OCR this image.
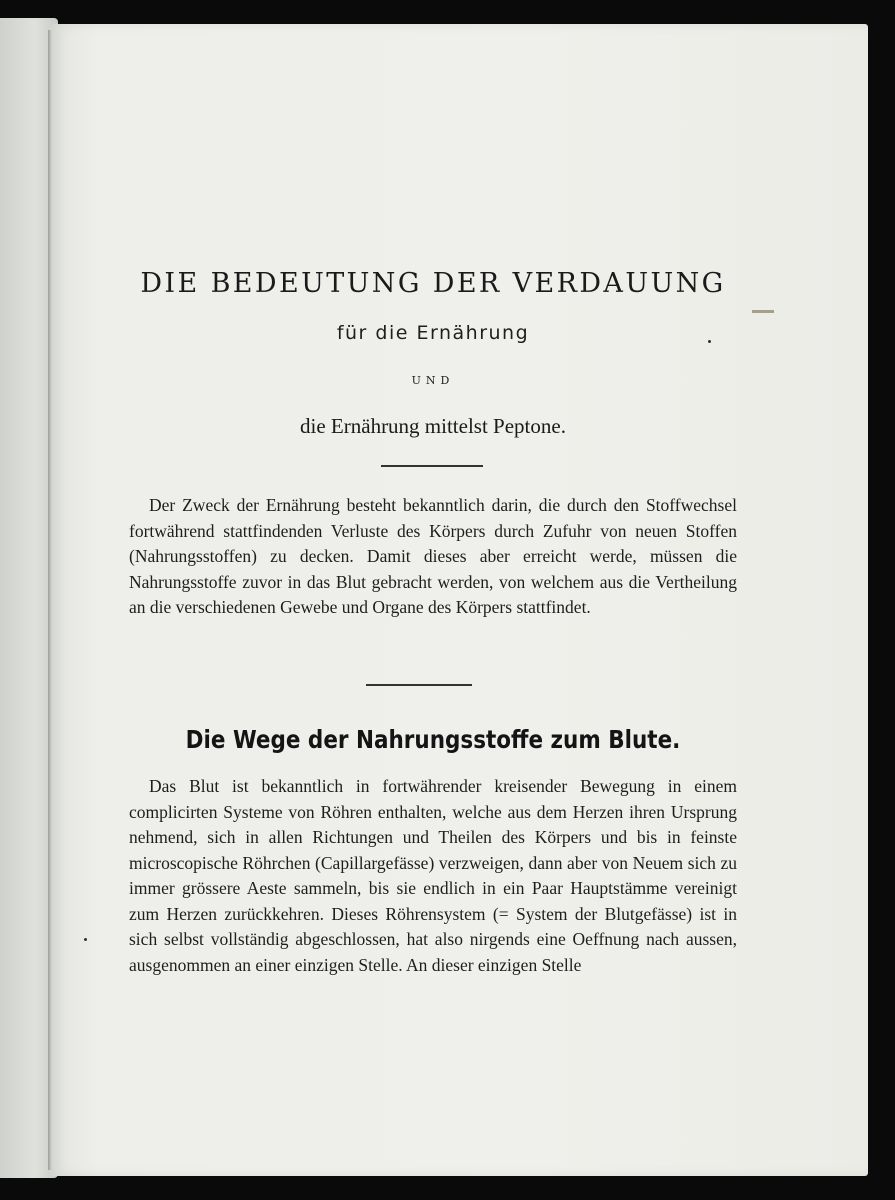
DIE BEDEUTUNG DER VERDAUUNG
für die Ernährung
UND
die Ernährung mittelst Peptone.

Der Zweck der Ernährung besteht bekanntlich darin, die durch den Stoffwechsel fortwährend stattfindenden Verluste des Körpers durch Zufuhr von neuen Stoffen (Nahrungsstoffen) zu decken. Damit dieses aber erreicht werde, müssen die Nahrungsstoffe zuvor in das Blut gebracht werden, von welchem aus die Vertheilung an die verschiedenen Gewebe und Organe des Körpers stattfindet.

Die Wege der Nahrungsstoffe zum Blute.

Das Blut ist bekanntlich in fortwährender kreisender Bewegung in einem complicirten Systeme von Röhren enthalten, welche aus dem Herzen ihren Ursprung nehmend, sich in allen Richtungen und Theilen des Körpers und bis in feinste microscopische Röhrchen (Capillargefässe) verzweigen, dann aber von Neuem sich zu immer grössere Aeste sammeln, bis sie endlich in ein Paar Hauptstämme vereinigt zum Herzen zurückkehren. Dieses Röhrensystem (= System der Blutgefässe) ist in sich selbst vollständig abgeschlossen, hat also nirgends eine Oeffnung nach aussen, ausgenommen an einer einzigen Stelle. An dieser einzigen Stelle
